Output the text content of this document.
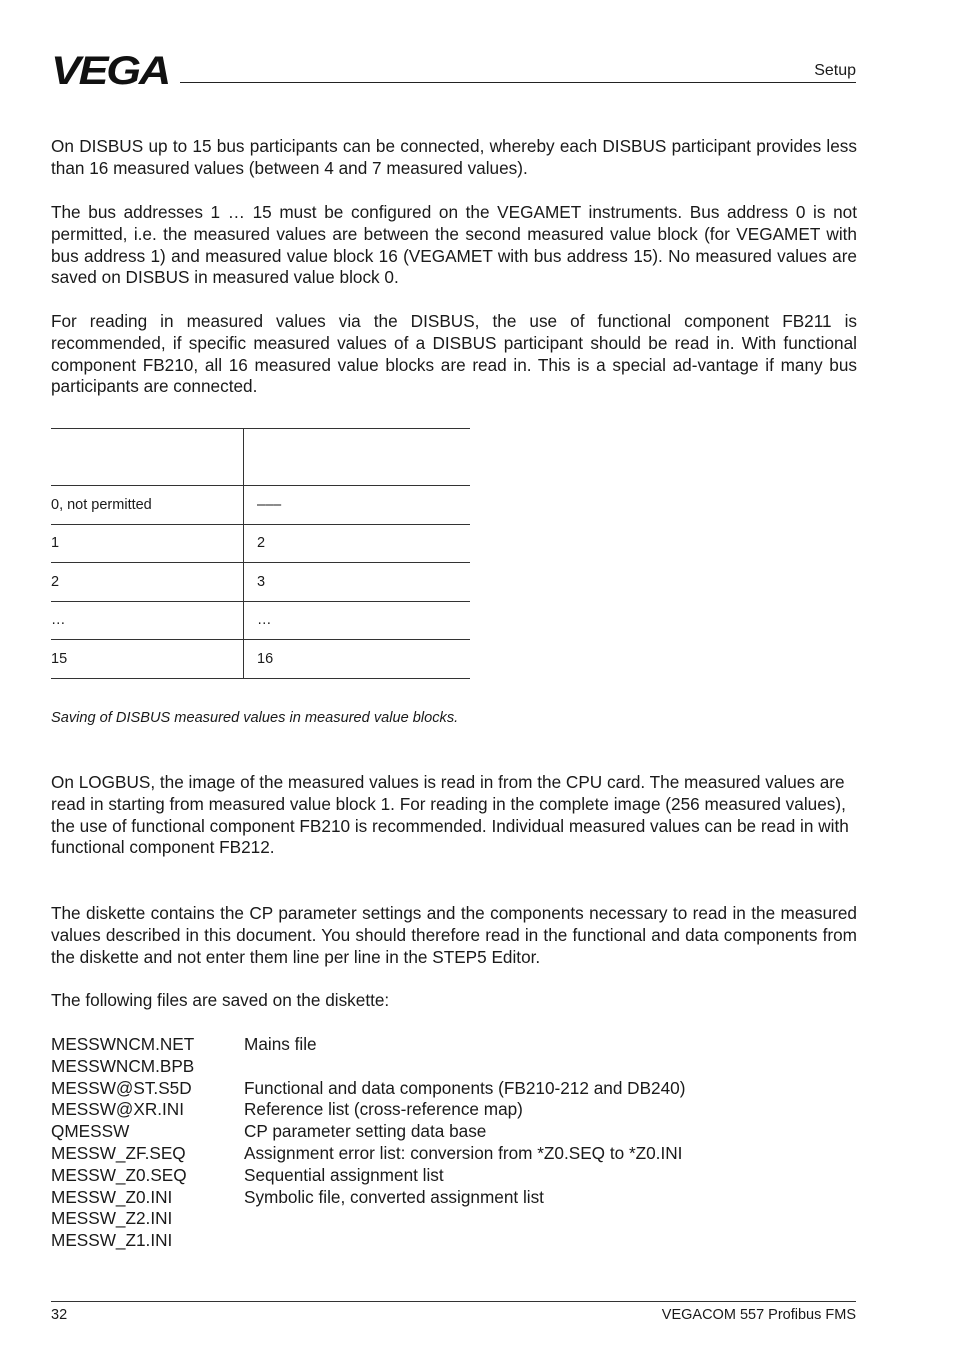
VEGA	Setup

On DISBUS up to 15 bus participants can be connected, whereby each DISBUS participant provides less than 16 measured values (between 4 and 7 measured values).

The bus addresses 1 … 15 must be configured on the VEGAMET instruments. Bus address 0 is not permitted, i.e. the measured values are between the second measured value block (for VEGAMET with bus address 1) and measured value block 16 (VEGAMET with bus address 15). No measured values are saved on DISBUS in measured value block 0.

For reading in measured values via the DISBUS, the use of functional component FB211 is recommended, if specific measured values of a DISBUS participant should be read in. With functional component FB210, all 16 measured value blocks are read in. This is a special ad-vantage if many bus participants are connected.

0, not permitted	–––
1	2
2	3
…	…
15	16
Saving of DISBUS measured values in measured value blocks.

On LOGBUS, the image of the measured values is read in from the CPU card. The measured values are read in starting from measured value block 1. For reading in the complete image (256 measured values), the use of functional component FB210 is recommended. Individual measured values can be read in with functional component FB212.

The diskette contains the CP parameter settings and the components necessary to read in the measured values described in this document. You should therefore read in the functional and data components from the diskette and not enter them line per line in the STEP5 Editor.

The following files are saved on the diskette:

MESSWNCM.NET	Mains file
MESSWNCM.BPB
MESSW@ST.S5D	Functional and data components (FB210-212 and DB240)
MESSW@XR.INI	Reference list (cross-reference map)
QMESSW	CP parameter setting data base
MESSW_ZF.SEQ	Assignment error list: conversion from *Z0.SEQ to *Z0.INI
MESSW_Z0.SEQ	Sequential assignment list
MESSW_Z0.INI	Symbolic file, converted assignment list
MESSW_Z2.INI
MESSW_Z1.INI
32	VEGACOM 557 Profibus FMS
